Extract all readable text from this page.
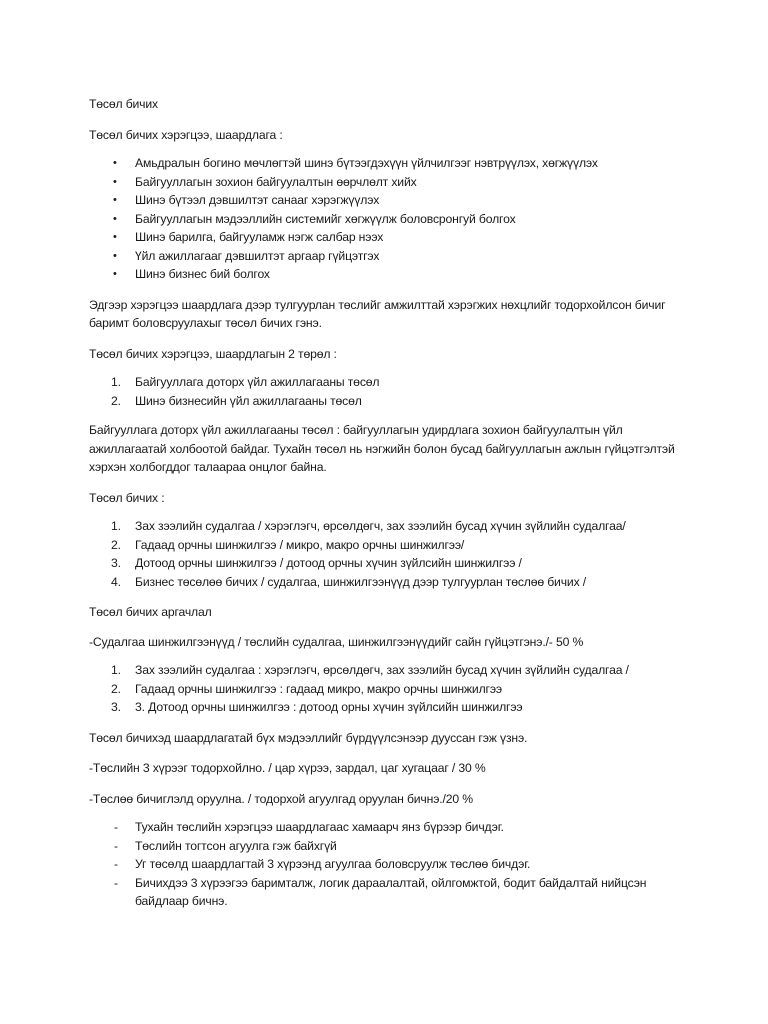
Төсөл бичих

Төсөл бичих хэрэгцээ, шаардлага :

•	Амьдралын богино мөчлөгтэй шинэ бүтээгдэхүүн үйлчилгээг нэвтрүүлэх, хөгжүүлэх
•	Байгууллагын зохион байгуулалтын өөрчлөлт хийх
•	Шинэ бүтээл дэвшилтэт санааг хэрэгжүүлэх
•	Байгууллагын мэдээллийн системийг хөгжүүлж боловсронгуй болгох
•	Шинэ барилга, байгууламж нэгж салбар нээх
•	Үйл ажиллагааг дэвшилтэт аргаар гүйцэтгэх
•	Шинэ бизнес бий болгох

Эдгээр хэрэгцээ шаардлага дээр тулгуурлан төслийг амжилттай хэрэгжих нөхцлийг тодорхойлсон бичиг баримт боловсруулахыг төсөл бичих гэнэ.

Төсөл бичих хэрэгцээ, шаардлагын 2 төрөл :

1.	Байгууллага доторх үйл ажиллагааны төсөл
2.	Шинэ бизнесийн үйл ажиллагааны төсөл

Байгууллага доторх үйл ажиллагааны төсөл : байгууллагын удирдлага зохион байгуулалтын үйл ажиллагаатай холбоотой байдаг. Тухайн төсөл нь нэгжийн болон бусад байгууллагын ажлын гүйцэтгэлтэй хэрхэн холбогддог талаараа онцлог байна.

Төсөл бичих :

1.	Зах зээлийн судалгаа / хэрэглэгч, өрсөлдөгч, зах зээлийн бусад хүчин зүйлийн судалгаа/
2.	Гадаад орчны шинжилгээ / микро, макро орчны шинжилгээ/
3.	Дотоод орчны шинжилгээ / дотоод орчны хүчин зүйлсийн шинжилгээ /
4.	Бизнес төсөлөө бичих / судалгаа, шинжилгээнүүд дээр тулгуурлан төслөө бичих /

Төсөл бичих аргачлал

-Судалгаа шинжилгээнүүд / төслийн судалгаа, шинжилгээнүүдийг сайн гүйцэтгэнэ./- 50 %

1.	Зах зээлийн судалгаа : хэрэглэгч, өрсөлдөгч, зах зээлийн бусад хүчин зүйлийн судалгаа /
2.	Гадаад орчны шинжилгээ : гадаад микро, макро орчны шинжилгээ
3.	3. Дотоод орчны шинжилгээ : дотоод орны хүчин зүйлсийн шинжилгээ

Төсөл бичихэд шаардлагатай бүх мэдээллийг бүрдүүлсэнээр дууссан гэж үзнэ.

-Төслийн 3 хүрээг тодорхойлно. / цар хүрээ, зардал, цаг хугацааг / 30 %

-Төслөө бичиглэлд оруулна. / тодорхой агуулгад оруулан бичнэ./20 %

-	Тухайн төслийн хэрэгцээ шаардлагаас хамаарч янз бүрээр бичдэг.
-	Төслийн тогтсон агуулга гэж байхгүй
-	Уг төсөлд шаардлагтай 3 хүрээнд агуулгаа боловсруулж төслөө бичдэг.
-	Бичихдээ 3 хүрээгээ баримталж, логик дараалалтай, ойлгомжтой, бодит байдалтай нийцсэн байдлаар бичнэ.
